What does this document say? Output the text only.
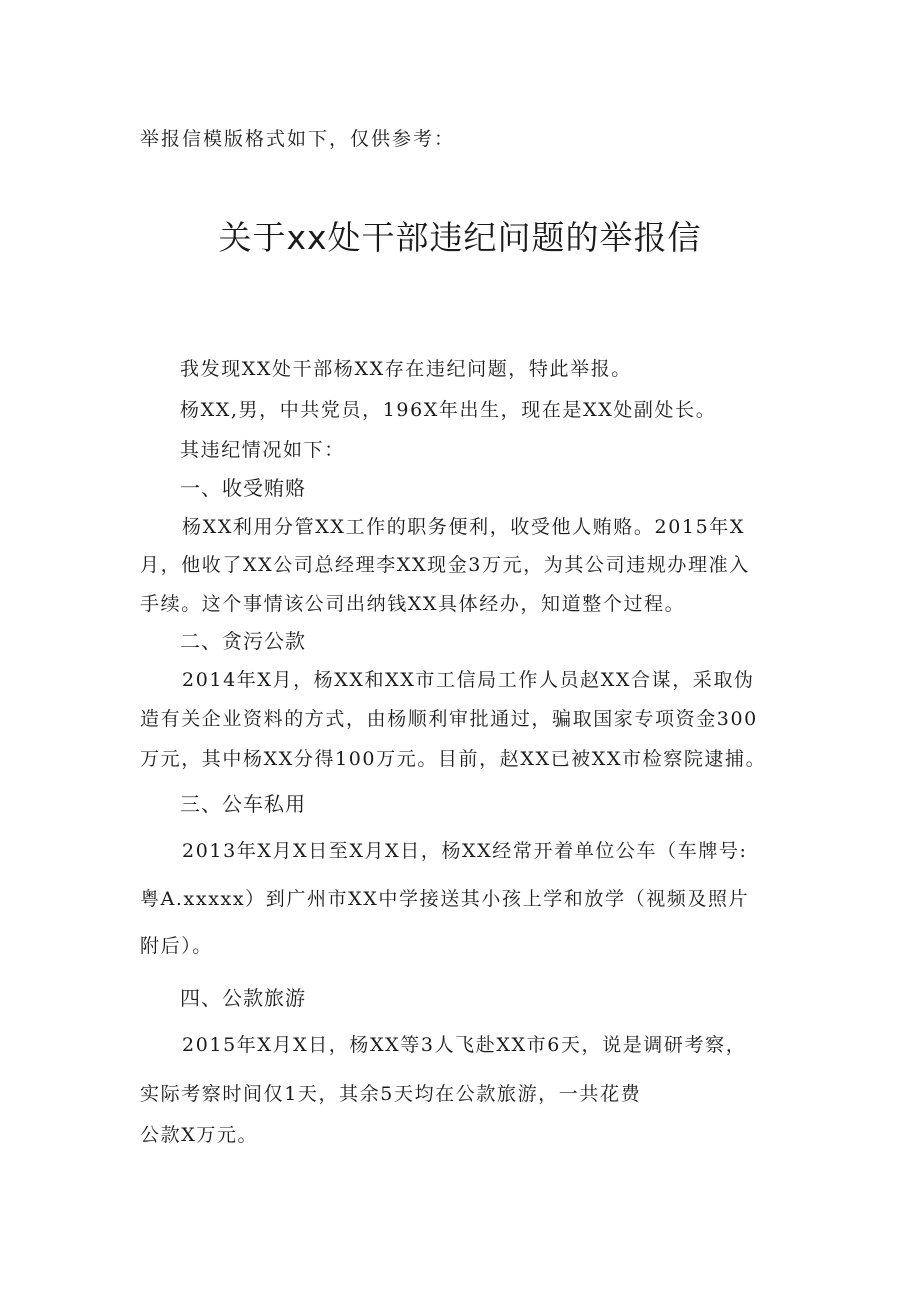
举报信模版格式如下，仅供参考：
关于xx处干部违纪问题的举报信
我发现XX处干部杨XX存在违纪问题，特此举报。
杨XX,男，中共党员，196X年出生，现在是XX处副处长。
其违纪情况如下：
一、收受贿赂
杨XX利用分管XX工作的职务便利，收受他人贿赂。2015年X
月，他收了XX公司总经理李XX现金3万元，为其公司违规办理准入
手续。这个事情该公司出纳钱XX具体经办，知道整个过程。
二、贪污公款
2014年X月，杨XX和XX市工信局工作人员赵XX合谋，采取伪
造有关企业资料的方式，由杨顺利审批通过，骗取国家专项资金300
万元，其中杨XX分得100万元。目前，赵XX已被XX市检察院逮捕。
三、公车私用
2013年X月X日至X月X日，杨XX经常开着单位公车（车牌号:
粤A.xxxxx）到广州市XX中学接送其小孩上学和放学（视频及照片
附后）。
四、公款旅游
2015年X月X日，杨XX等3人飞赴XX市6天，说是调研考察，
实际考察时间仅1天，其余5天均在公款旅游，一共花费
公款X万元。
